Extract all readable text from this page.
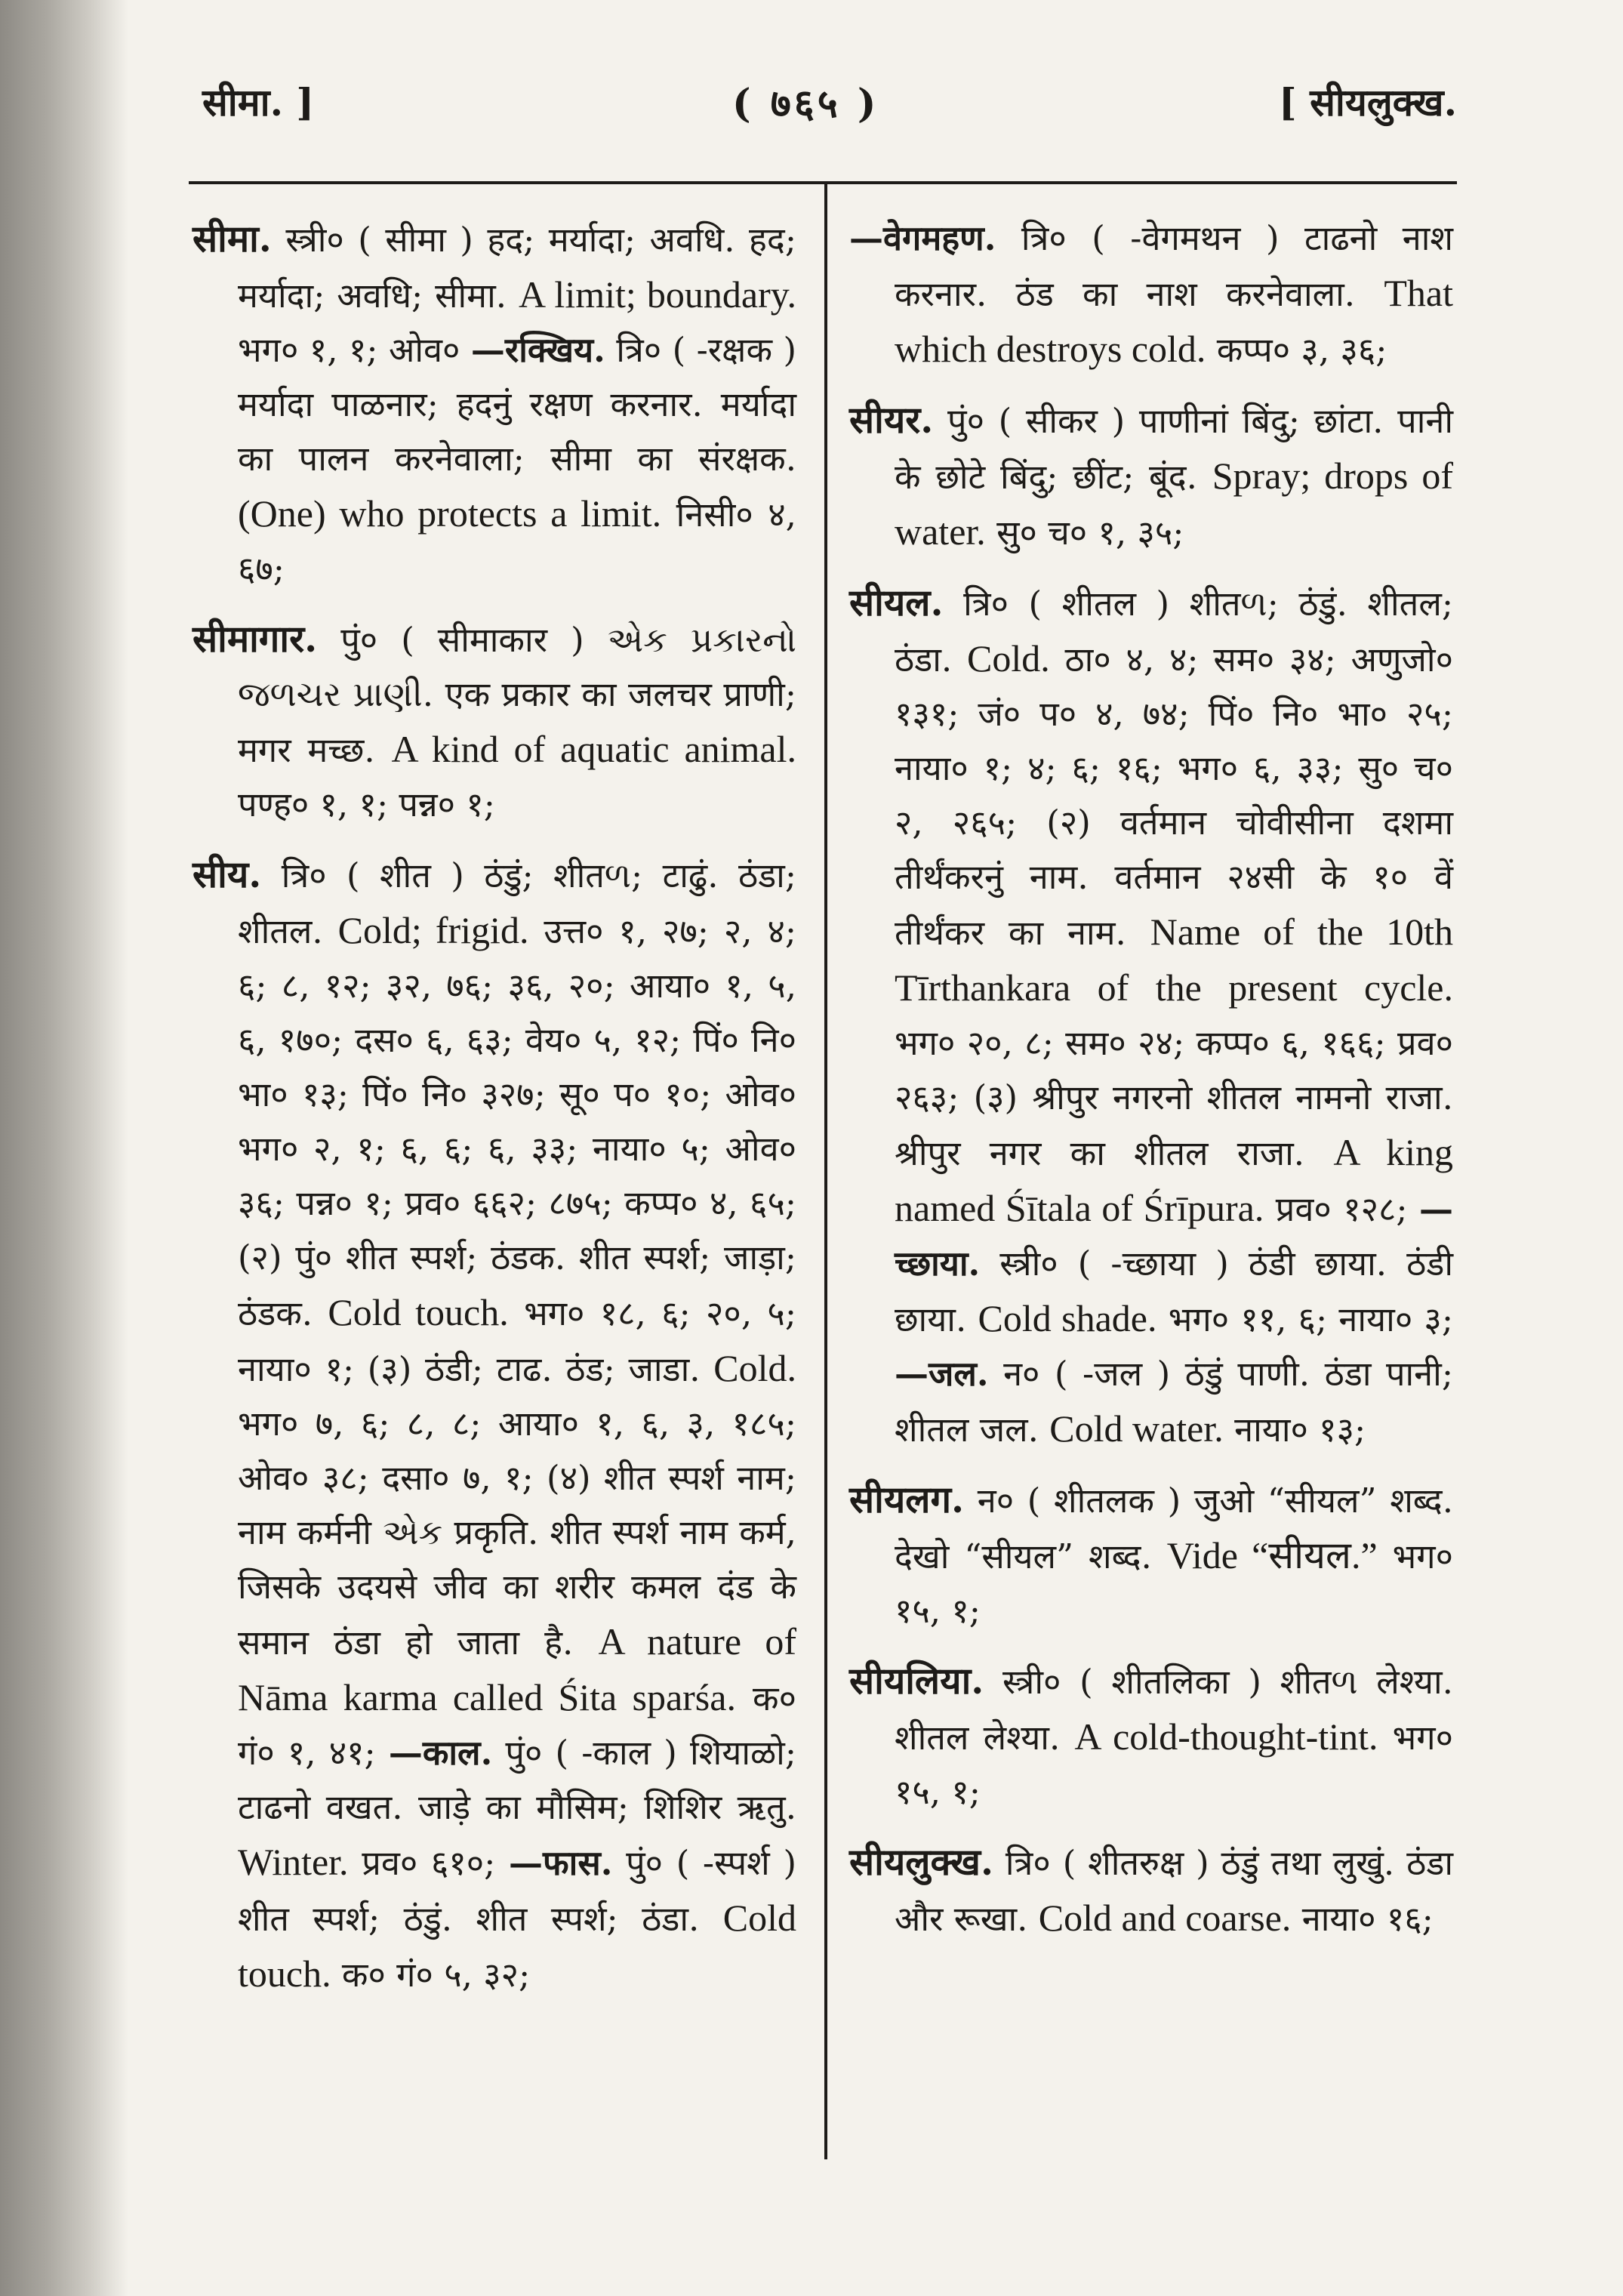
सीमा. ]	( ७६५ )	[ सीयलुक्ख.

सीमा. स्त्री० ( सीमा ) हद; मर्यादा; अवधि. हद; मर्यादा; अवधि; सीमा. A limit; boundary. भग० १, १; ओव० —रक्खिय. त्रि० ( -रक्षक ) मर्यादा पाळनार; हदनुं रक्षण करनार. मर्यादा का पालन करनेवाला; सीमा का संरक्षक. (One) who protects a limit. निसी० ४, ६७;

सीमागार. पुं० ( सीमाकार ) એક પ્રકારનો જળચર પ્રાણી. एक प्रकार का जलचर प्राणी; मगर मच्छ. A kind of aquatic animal. पण्ह० १, १; पन्न० १;

सीय. त्रि० ( शीत ) ठंडुं; शीतળ; टाढुं. ठंडा; शीतल. Cold; frigid. उत्त० १, २७; २, ४; ६; ८, १२; ३२, ७६; ३६, २०; आया० १, ५, ६, १७०; दस० ६, ६३; वेय० ५, १२; पिं० नि० भा० १३; पिं० नि० ३२७; सू० प० १०; ओव० भग० २, १; ६, ६; ६, ३३; नाया० ५; ओव० ३६; पन्न० १; प्रव० ६६२; ८७५; कप्प० ४, ६५; (२) पुं० शीत स्पर्श; ठंडक. शीत स्पर्श; जाड़ा; ठंडक. Cold touch. भग० १८, ६; २०, ५; नाया० १; (३) ठंडी; टाढ. ठंड; जाडा. Cold. भग० ७, ६; ८, ८; आया० १, ६, ३, १८५; ओव० ३८; दसा० ७, १; (४) शीत स्पर्श नाम; नाम कर्मनी એક प्रकृति. शीत स्पर्श नाम कर्म, जिसके उदयसे जीव का शरीर कमल दंड के समान ठंडा हो जाता है. A nature of Nāma karma called Śita sparśa. क० गं० १, ४१; —काल. पुं० ( -काल ) शियाळो; टाढनो वखत. जाड़े का मौसिम; शिशिर ऋतु. Winter. प्रव० ६१०; —फास. पुं० ( -स्पर्श ) शीत स्पर्श; ठंडुं. शीत स्पर्श; ठंडा. Cold touch. क० गं० ५, ३२;

—वेगमहण. त्रि० ( -वेगमथन ) टाढनो नाश करनार. ठंड का नाश करनेवाला. That which destroys cold. कप्प० ३, ३६;

सीयर. पुं० ( सीकर ) पाणीनां बिंदु; छांटा. पानी के छोटे बिंदु; छींट; बूंद. Spray; drops of water. सु० च० १, ३५;

सीयल. त्रि० ( शीतल ) शीतળ; ठंडुं. शीतल; ठंडा. Cold. ठा० ४, ४; सम० ३४; अणुजो० १३१; जं० प० ४, ७४; पिं० नि० भा० २५; नाया० १; ४; ६; १६; भग० ६, ३३; सु० च० २, २६५; (२) वर्तमान चोवीसीना दशमा तीर्थंकरनुं नाम. वर्तमान २४सी के १० वें तीर्थंकर का नाम. Name of the 10th Tīrthankara of the present cycle. भग० २०, ८; सम० २४; कप्प० ६, १६६; प्रव० २६३; (३) श्रीपुर नगरनो शीतल नामनो राजा. श्रीपुर नगर का शीतल राजा. A king named Śītala of Śrīpura. प्रव० १२८; —च्छाया. स्त्री० ( -च्छाया ) ठंडी छाया. ठंडी छाया. Cold shade. भग० ११, ६; नाया० ३; —जल. न० ( -जल ) ठंडुं पाणी. ठंडा पानी; शीतल जल. Cold water. नाया० १३;

सीयलग. न० ( शीतलक ) जुओ “सीयल” शब्द. देखो “सीयल” शब्द. Vide “सीयल.” भग० १५, १;

सीयलिया. स्त्री० ( शीतलिका ) शीतળ लेश्या. शीतल लेश्या. A cold-thought-tint. भग० १५, १;

सीयलुक्ख. त्रि० ( शीतरुक्ष ) ठंडुं तथा लुखुं. ठंडा और रूखा. Cold and coarse. नाया० १६;
